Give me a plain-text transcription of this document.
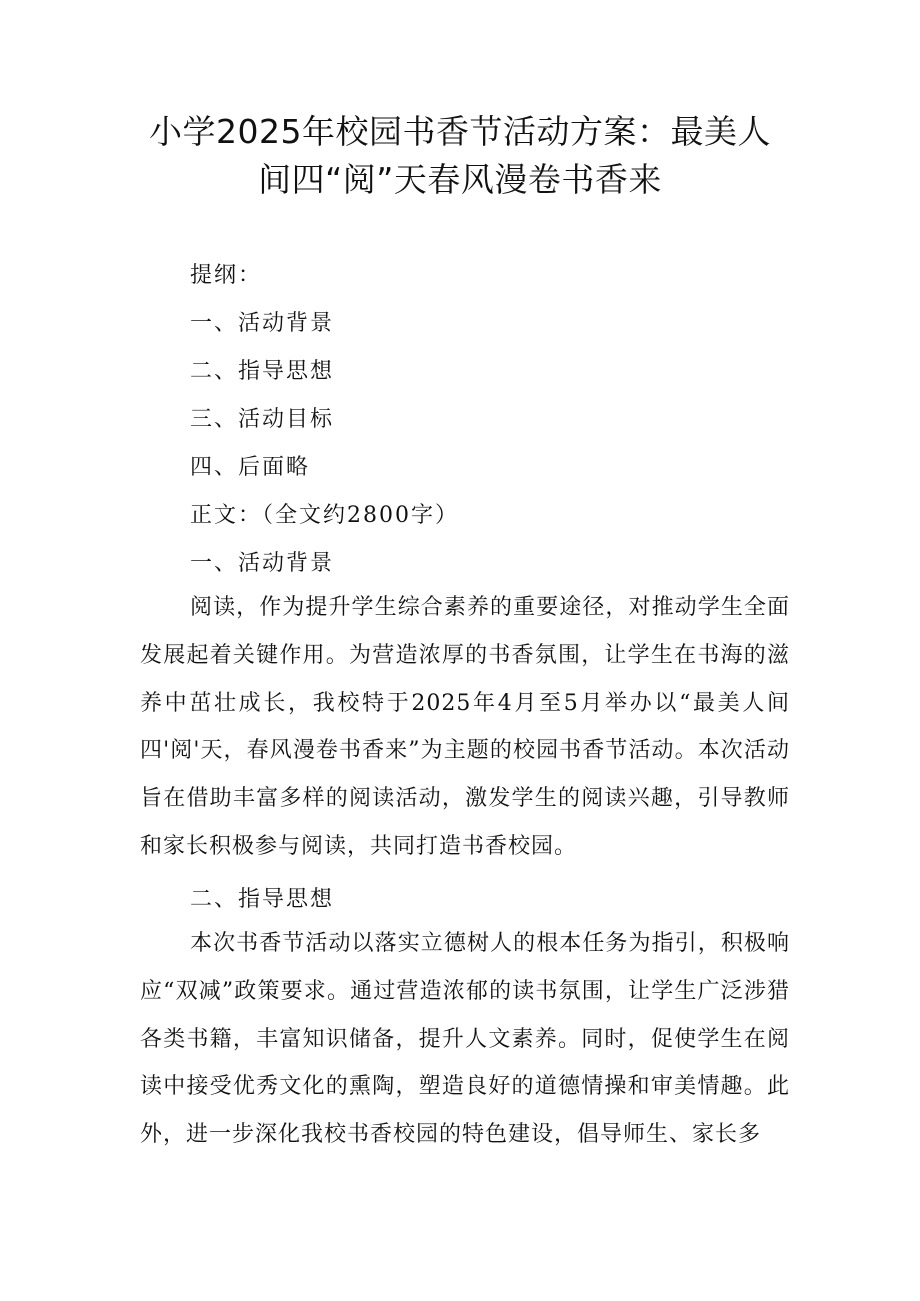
小学2025年校园书香节活动方案：最美人
间四“阅”天春风漫卷书香来
提纲：
一、活动背景
二、指导思想
三、活动目标
四、后面略
正文：（全文约2800字）
一、活动背景

阅读，作为提升学生综合素养的重要途径，对推动学生全面发展起着关键作用。为营造浓厚的书香氛围，让学生在书海的滋养中茁壮成长，我校特于2025年4月至5月举办以“最美人间四'阅'天，春风漫卷书香来”为主题的校园书香节活动。本次活动旨在借助丰富多样的阅读活动，激发学生的阅读兴趣，引导教师和家长积极参与阅读，共同打造书香校园。

二、指导思想

本次书香节活动以落实立德树人的根本任务为指引，积极响应“双减”政策要求。通过营造浓郁的读书氛围，让学生广泛涉猎各类书籍，丰富知识储备，提升人文素养。同时，促使学生在阅读中接受优秀文化的熏陶，塑造良好的道德情操和审美情趣。此外，进一步深化我校书香校园的特色建设，倡导师生、家长多
